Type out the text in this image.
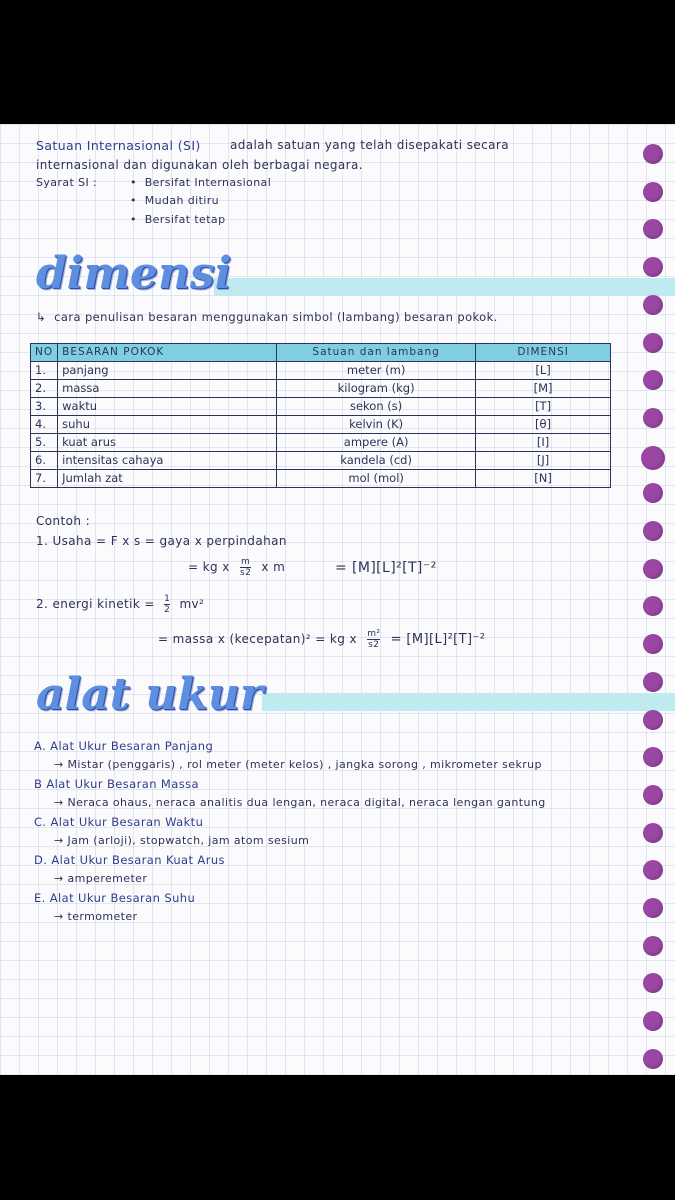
Satuan Internasional (SI) adalah satuan yang telah disepakati secara
internasional dan digunakan oleh berbagai negara.
Syarat SI :	•  Bersifat Internasional
•  Mudah ditiru
•  Bersifat tetap
dimensi
↳  cara penulisan besaran menggunakan simbol (lambang) besaran pokok.
NO	BESARAN POKOK	Satuan dan lambang	DIMENSI
1.	panjang	meter (m)	[L]
2.	massa	kilogram (kg)	[M]
3.	waktu	sekon (s)	[T]
4.	suhu	kelvin (K)	[θ]
5.	kuat arus	ampere (A)	[I]
6.	intensitas cahaya	kandela (cd)	[J]
7.	Jumlah zat	mol (mol)	[N]
Contoh :
1. Usaha = F x s = gaya x perpindahan
= kg x $\frac{m}{s2}$ x m	= [M][L]²[T]⁻²
2. energi kinetik = $\frac{1}{2} mv^2$
= massa x (kecepatan)² = kg x $\frac{\text{m²}}{s2} = [M][L]^2[T]^{-2}$
alat ukur
A. Alat Ukur Besaran Panjang
→ Mistar (penggaris) , rol meter (meter kelos) , jangka sorong , mikrometer sekrup
B Alat Ukur Besaran Massa
→ Neraca ohaus, neraca analitis dua lengan, neraca digital, neraca lengan gantung
C. Alat Ukur Besaran Waktu
→ Jam (arloji), stopwatch, jam atom sesium
D. Alat Ukur Besaran Kuat Arus
→ amperemeter
E. Alat Ukur Besaran Suhu
→ termometer
